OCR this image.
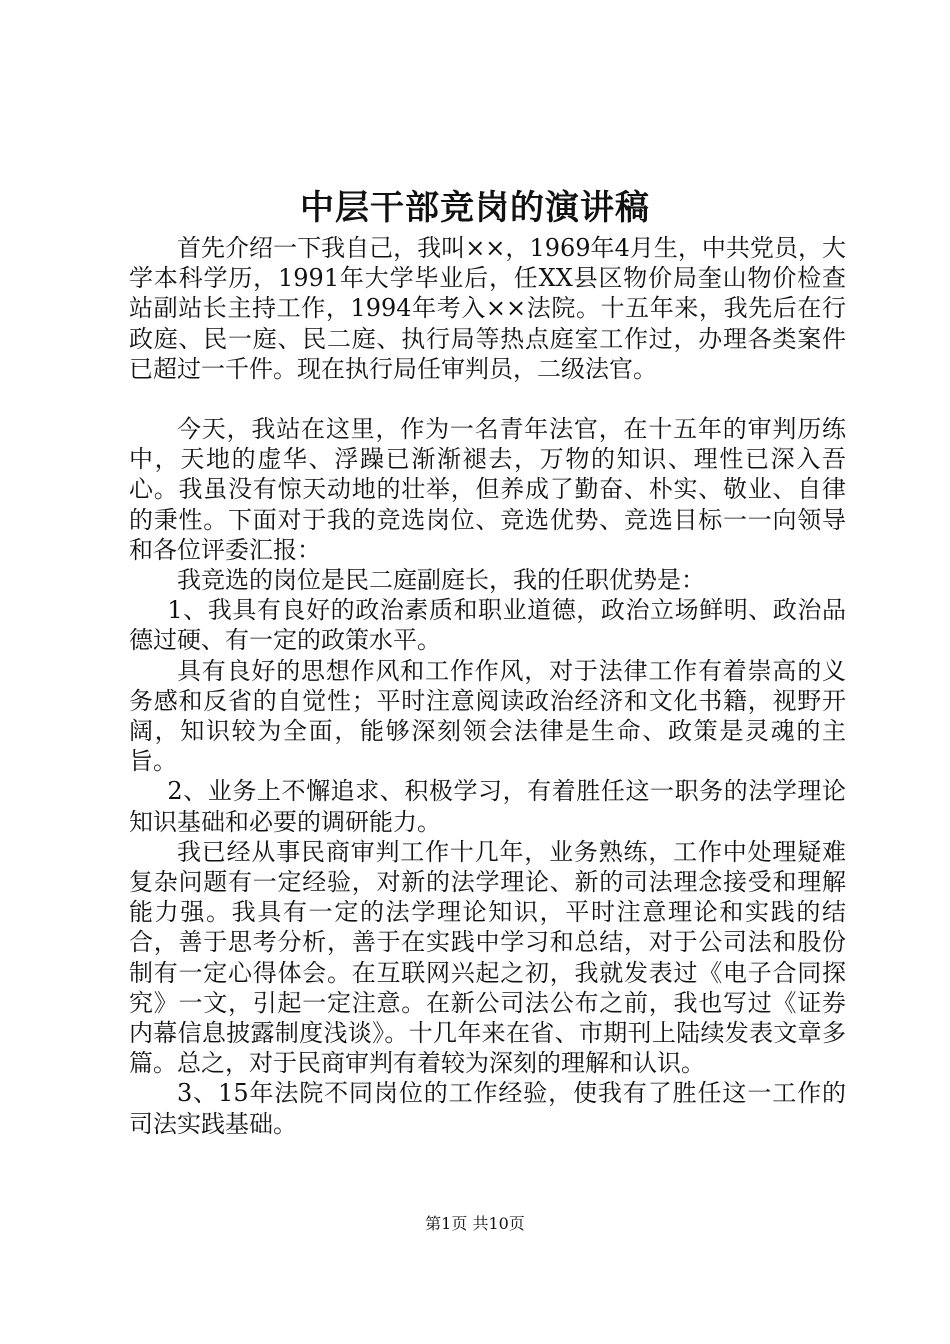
中层干部竞岗的演讲稿

首先介绍一下我自己，我叫××，1969年4月生，中共党员，大学本科学历，1991年大学毕业后，任XX县区物价局奎山物价检查站副站长主持工作，1994年考入××法院。十五年来，我先后在行政庭、民一庭、民二庭、执行局等热点庭室工作过，办理各类案件已超过一千件。现在执行局任审判员，二级法官。

今天，我站在这里，作为一名青年法官，在十五年的审判历练中，天地的虚华、浮躁已渐渐褪去，万物的知识、理性已深入吾心。我虽没有惊天动地的壮举，但养成了勤奋、朴实、敬业、自律的秉性。下面对于我的竞选岗位、竞选优势、竞选目标一一向领导和各位评委汇报：

我竞选的岗位是民二庭副庭长，我的任职优势是：

1、我具有良好的政治素质和职业道德，政治立场鲜明、政治品德过硬、有一定的政策水平。

具有良好的思想作风和工作作风，对于法律工作有着崇高的义务感和反省的自觉性；平时注意阅读政治经济和文化书籍，视野开阔，知识较为全面，能够深刻领会法律是生命、政策是灵魂的主旨。

2、业务上不懈追求、积极学习，有着胜任这一职务的法学理论知识基础和必要的调研能力。

我已经从事民商审判工作十几年，业务熟练，工作中处理疑难复杂问题有一定经验，对新的法学理论、新的司法理念接受和理解能力强。我具有一定的法学理论知识，平时注意理论和实践的结合，善于思考分析，善于在实践中学习和总结，对于公司法和股份制有一定心得体会。在互联网兴起之初，我就发表过《电子合同探究》一文，引起一定注意。在新公司法公布之前，我也写过《证券内幕信息披露制度浅谈》。十几年来在省、市期刊上陆续发表文章多篇。总之，对于民商审判有着较为深刻的理解和认识。

3、15年法院不同岗位的工作经验，使我有了胜任这一工作的司法实践基础。

第1页 共10页
